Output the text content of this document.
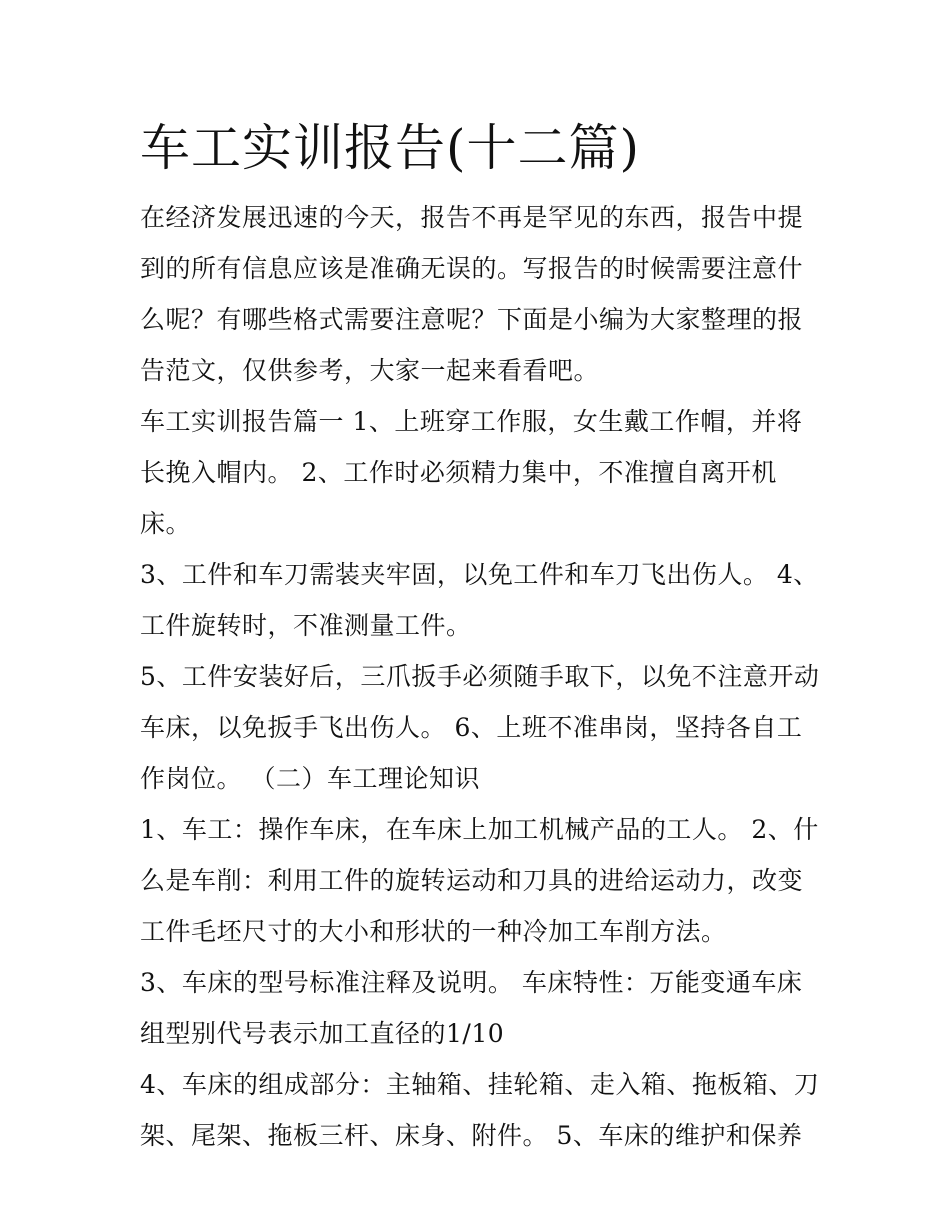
车工实训报告(十二篇)

在经济发展迅速的今天，报告不再是罕见的东西，报告中提到的所有信息应该是准确无误的。写报告的时候需要注意什么呢？有哪些格式需要注意呢？下面是小编为大家整理的报告范文，仅供参考，大家一起来看看吧。

车工实训报告篇一 1、上班穿工作服，女生戴工作帽，并将长挽入帽内。 2、工作时必须精力集中，不准擅自离开机床。

3、工件和车刀需装夹牢固，以免工件和车刀飞出伤人。 4、工件旋转时，不准测量工件。

5、工件安装好后，三爪扳手必须随手取下，以免不注意开动车床，以免扳手飞出伤人。 6、上班不准串岗，坚持各自工作岗位。 （二）车工理论知识

1、车工：操作车床，在车床上加工机械产品的工人。 2、什么是车削：利用工件的旋转运动和刀具的进给运动力，改变工件毛坯尺寸的大小和形状的一种冷加工车削方法。

3、车床的型号标准注释及说明。 车床特性：万能变通车床组型别代号表示加工直径的1/10

4、车床的组成部分：主轴箱、挂轮箱、走入箱、拖板箱、刀架、尾架、拖板三杆、床身、附件。 5、车床的维护和保养
